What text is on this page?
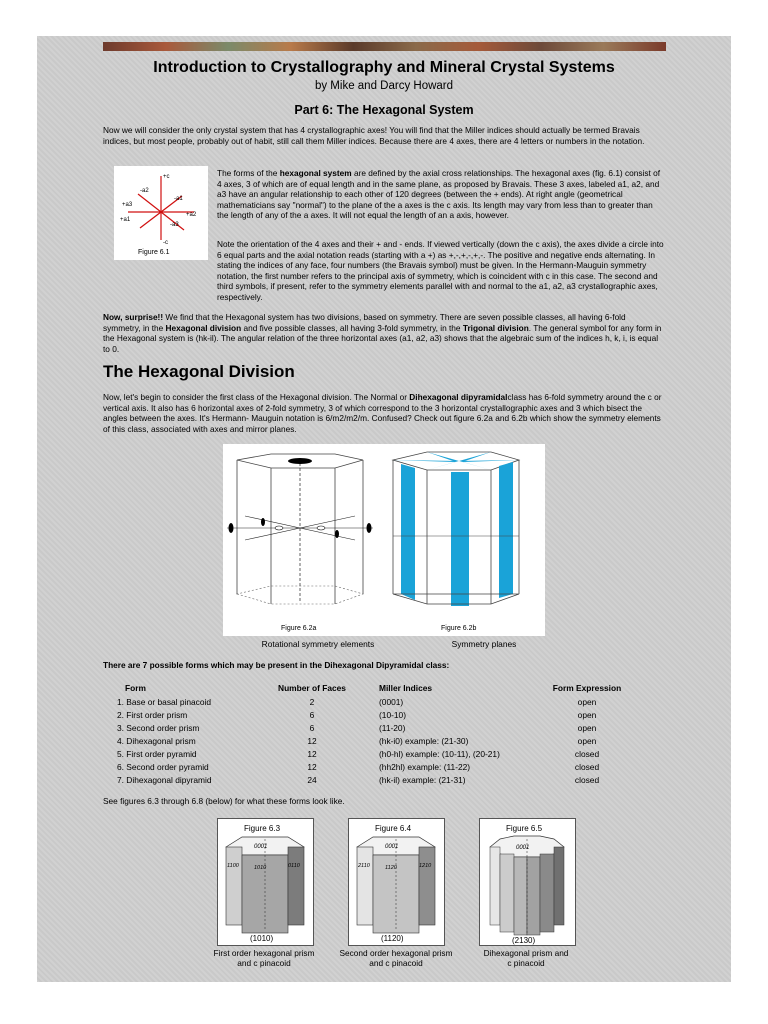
Introduction to Crystallography and Mineral Crystal Systems
by Mike and Darcy Howard
Part 6: The Hexagonal System

Now we will consider the only crystal system that has 4 crystallographic axes! You will find that the Miller indices should actually be termed Bravais indices, but most people, probably out of habit, still call them Miller indices. Because there are 4 axes, there are 4 letters or numbers in the notation.

+c
-c
-a2
+a3
+a1
+a2
-a1
-a3
Figure 6.1

The forms of the hexagonal system are defined by the axial cross relationships. The hexagonal axes (fig. 6.1) consist of 4 axes, 3 of which are of equal length and in the same plane, as proposed by Bravais. These 3 axes, labeled a1, a2, and a3 have an angular relationship to each other of 120 degrees (between the + ends). At right angle (geometrical mathematicians say "normal") to the plane of the a axes is the c axis. Its length may vary from less than to greater than the length of any of the a axes. It will not equal the length of an a axis, however.

Note the orientation of the 4 axes and their + and - ends. If viewed vertically (down the c axis), the axes divide a circle into 6 equal parts and the axial notation reads (starting with a +) as +,-,+,-,+,-. The positive and negative ends alternating. In stating the indices of any face, four numbers (the Bravais symbol) must be given. In the Hermann-Mauguin symmetry notation, the first number refers to the principal axis of symmetry, which is coincident with c in this case. The second and third symbols, if present, refer to the symmetry elements parallel with and normal to the a1, a2, a3 crystallographic axes, respectively.

Now, surprise!! We find that the Hexagonal system has two divisions, based on symmetry. There are seven possible classes, all having 6-fold symmetry, in the Hexagonal division and five possible classes, all having 3-fold symmetry, in the Trigonal division. The general symbol for any form in the Hexagonal system is (hk-il). The angular relation of the three horizontal axes (a1, a2, a3) shows that the algebraic sum of the indices h, k, i, is equal to 0.

The Hexagonal Division

Now, let's begin to consider the first class of the Hexagonal division. The Normal or Dihexagonal dipyramidalclass has 6-fold symmetry around the c or vertical axis. It also has 6 horizontal axes of 2-fold symmetry, 3 of which correspond to the 3 horizontal crystallographic axes and 3 which bisect the angles between the axes. It's Hermann- Mauguin notation is 6/m2/m2/m. Confused? Check out figure 6.2a and 6.2b which show the symmetry elements of this class, associated with axes and mirror planes.

Figure 6.2a	Figure 6.2b
Rotational symmetry elements	Symmetry planes

There are 7 possible forms which may be present in the Dihexagonal Dipyramidal class:

Form	Number of Faces	Miller Indices	Form Expression
1. Base or basal pinacoid	2	(0001)	open
2. First order prism	6	(10-10)	open
3. Second order prism	6	(11-20)	open
4. Dihexagonal prism	12	(hk-i0) example: (21-30)	open
5. First order pyramid	12	(h0-hl) example: (10-11), (20-21)	closed
6. Second order pyramid	12	(hh2hl) example: (11-22)	closed
7. Dihexagonal dipyramid	24	(hk-il) example: (21-31)	closed

See figures 6.3 through 6.8 (below) for what these forms look like.

Figure 6.3
0001
1100	1010	0110
(1010)
First order hexagonal prism
and c pinacoid
Figure 6.4
0001
2110	1120	1210
(1120)
Second order hexagonal prism
and c pinacoid
Figure 6.5
0001
(2130)
Dihexagonal prism and
c pinacoid
